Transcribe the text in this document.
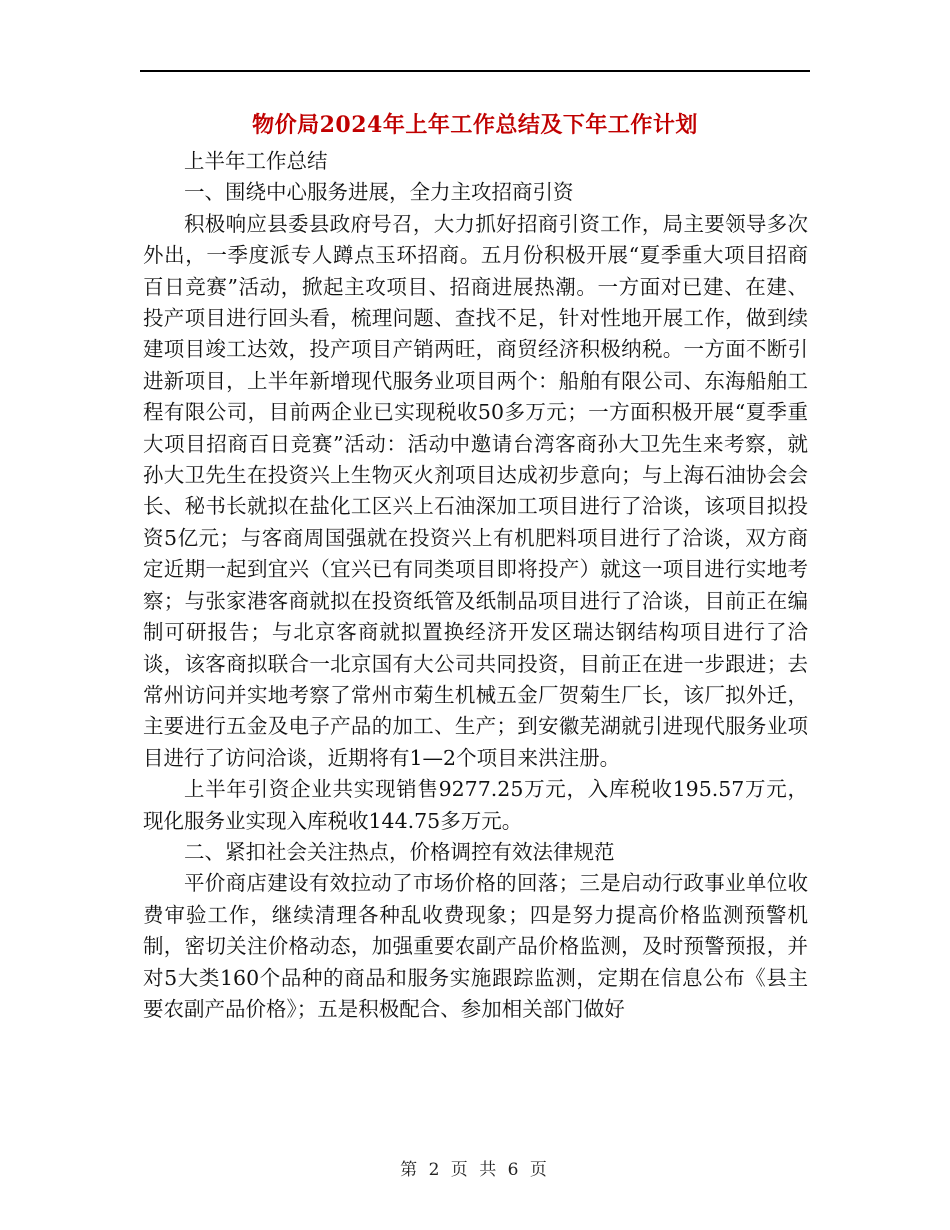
物价局2024年上年工作总结及下年工作计划

上半年工作总结

一、围绕中心服务进展，全力主攻招商引资

积极响应县委县政府号召，大力抓好招商引资工作，局主要领导多次外出，一季度派专人蹲点玉环招商。五月份积极开展“夏季重大项目招商百日竞赛”活动，掀起主攻项目、招商进展热潮。一方面对已建、在建、投产项目进行回头看，梳理问题、查找不足，针对性地开展工作，做到续建项目竣工达效，投产项目产销两旺，商贸经济积极纳税。一方面不断引进新项目，上半年新增现代服务业项目两个：船舶有限公司、东海船舶工程有限公司，目前两企业已实现税收50多万元；一方面积极开展“夏季重大项目招商百日竞赛”活动：活动中邀请台湾客商孙大卫先生来考察，就孙大卫先生在投资兴上生物灭火剂项目达成初步意向；与上海石油协会会长、秘书长就拟在盐化工区兴上石油深加工项目进行了洽谈，该项目拟投资5亿元；与客商周国强就在投资兴上有机肥料项目进行了洽谈，双方商定近期一起到宜兴（宜兴已有同类项目即将投产）就这一项目进行实地考察；与张家港客商就拟在投资纸管及纸制品项目进行了洽谈，目前正在编制可研报告；与北京客商就拟置换经济开发区瑞达钢结构项目进行了洽谈，该客商拟联合一北京国有大公司共同投资，目前正在进一步跟进；去常州访问并实地考察了常州市菊生机械五金厂贺菊生厂长，该厂拟外迁，主要进行五金及电子产品的加工、生产；到安徽芜湖就引进现代服务业项目进行了访问洽谈，近期将有1—2个项目来洪注册。

上半年引资企业共实现销售9277.25万元，入库税收195.57万元，现化服务业实现入库税收144.75多万元。

二、紧扣社会关注热点，价格调控有效法律规范

平价商店建设有效拉动了市场价格的回落；三是启动行政事业单位收费审验工作，继续清理各种乱收费现象；四是努力提高价格监测预警机制，密切关注价格动态，加强重要农副产品价格监测，及时预警预报，并对5大类160个品种的商品和服务实施跟踪监测，定期在信息公布《县主要农副产品价格》；五是积极配合、参加相关部门做好

第 2 页 共 6 页
